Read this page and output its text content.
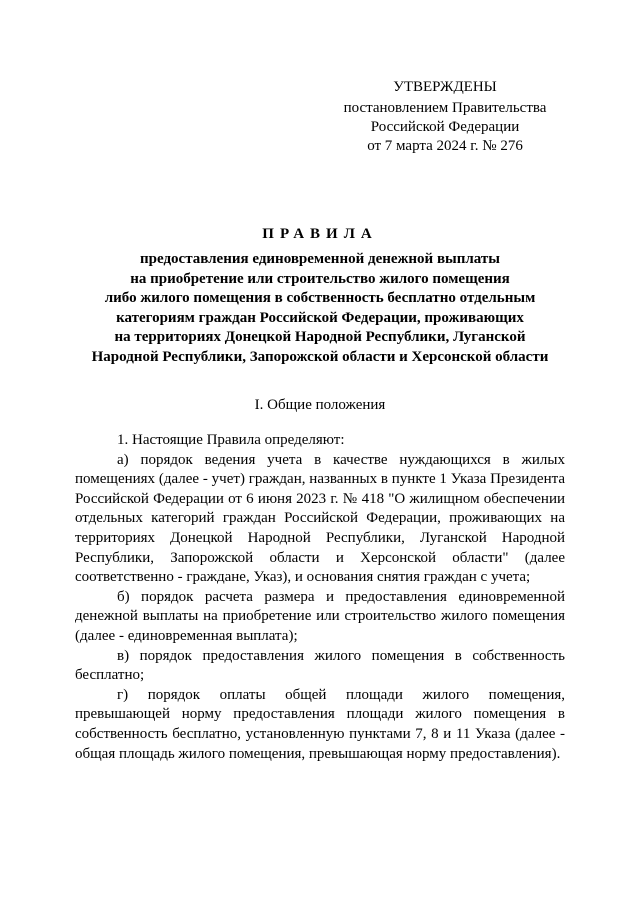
УТВЕРЖДЕНЫ
постановлением Правительства
Российской Федерации
от 7 марта 2024 г. № 276
ПРАВИЛА
предоставления единовременной денежной выплаты
на приобретение или строительство жилого помещения
либо жилого помещения в собственность бесплатно отдельным
категориям граждан Российской Федерации, проживающих
на территориях Донецкой Народной Республики, Луганской
Народной Республики, Запорожской области и Херсонской области
I. Общие положения

1. Настоящие Правила определяют:

а) порядок ведения учета в качестве нуждающихся в жилых помещениях (далее - учет) граждан, названных в пункте 1 Указа Президента Российской Федерации от 6 июня 2023 г. № 418 "О жилищном обеспечении отдельных категорий граждан Российской Федерации, проживающих на территориях Донецкой Народной Республики, Луганской Народной Республики, Запорожской области и Херсонской области" (далее соответственно - граждане, Указ), и основания снятия граждан с учета;

б) порядок расчета размера и предоставления единовременной денежной выплаты на приобретение или строительство жилого помещения (далее - единовременная выплата);

в) порядок предоставления жилого помещения в собственность бесплатно;

г) порядок оплаты общей площади жилого помещения, превышающей норму предоставления площади жилого помещения в собственность бесплатно, установленную пунктами 7, 8 и 11 Указа (далее - общая площадь жилого помещения, превышающая норму предоставления).
